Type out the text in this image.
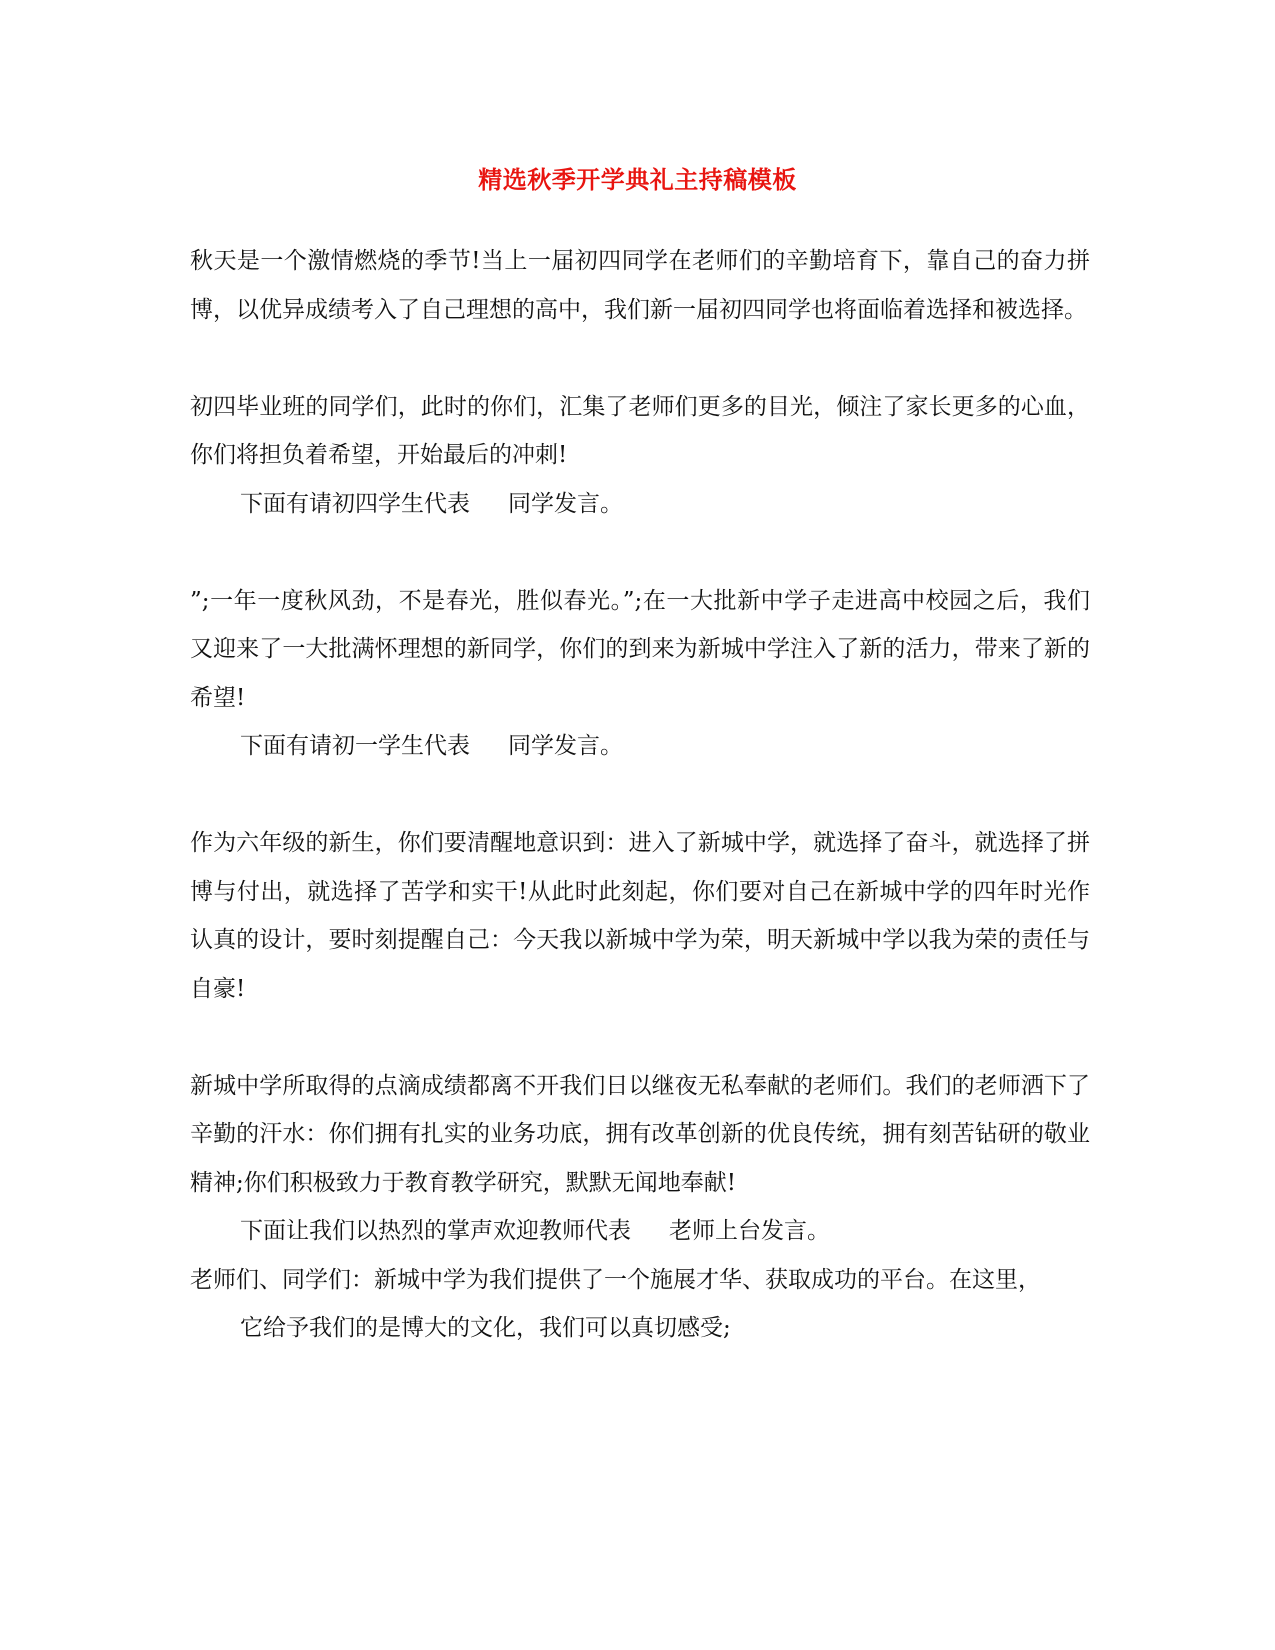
精选秋季开学典礼主持稿模板

秋天是一个激情燃烧的季节!当上一届初四同学在老师们的辛勤培育下，靠自己的奋力拼博，以优异成绩考入了自己理想的高中，我们新一届初四同学也将面临着选择和被选择。

初四毕业班的同学们，此时的你们，汇集了老师们更多的目光，倾注了家长更多的心血，你们将担负着希望，开始最后的冲刺!

下面有请初四学生代表 同学发言。

”;一年一度秋风劲，不是春光，胜似春光。”;在一大批新中学子走进高中校园之后，我们又迎来了一大批满怀理想的新同学，你们的到来为新城中学注入了新的活力，带来了新的希望!

下面有请初一学生代表 同学发言。

作为六年级的新生，你们要清醒地意识到：进入了新城中学，就选择了奋斗，就选择了拼博与付出，就选择了苦学和实干!从此时此刻起，你们要对自己在新城中学的四年时光作认真的设计，要时刻提醒自己：今天我以新城中学为荣，明天新城中学以我为荣的责任与自豪!

新城中学所取得的点滴成绩都离不开我们日以继夜无私奉献的老师们。我们的老师洒下了辛勤的汗水：你们拥有扎实的业务功底，拥有改革创新的优良传统，拥有刻苦钻研的敬业精神;你们积极致力于教育教学研究，默默无闻地奉献!

下面让我们以热烈的掌声欢迎教师代表 老师上台发言。

老师们、同学们：新城中学为我们提供了一个施展才华、获取成功的平台。在这里，

它给予我们的是博大的文化，我们可以真切感受;
